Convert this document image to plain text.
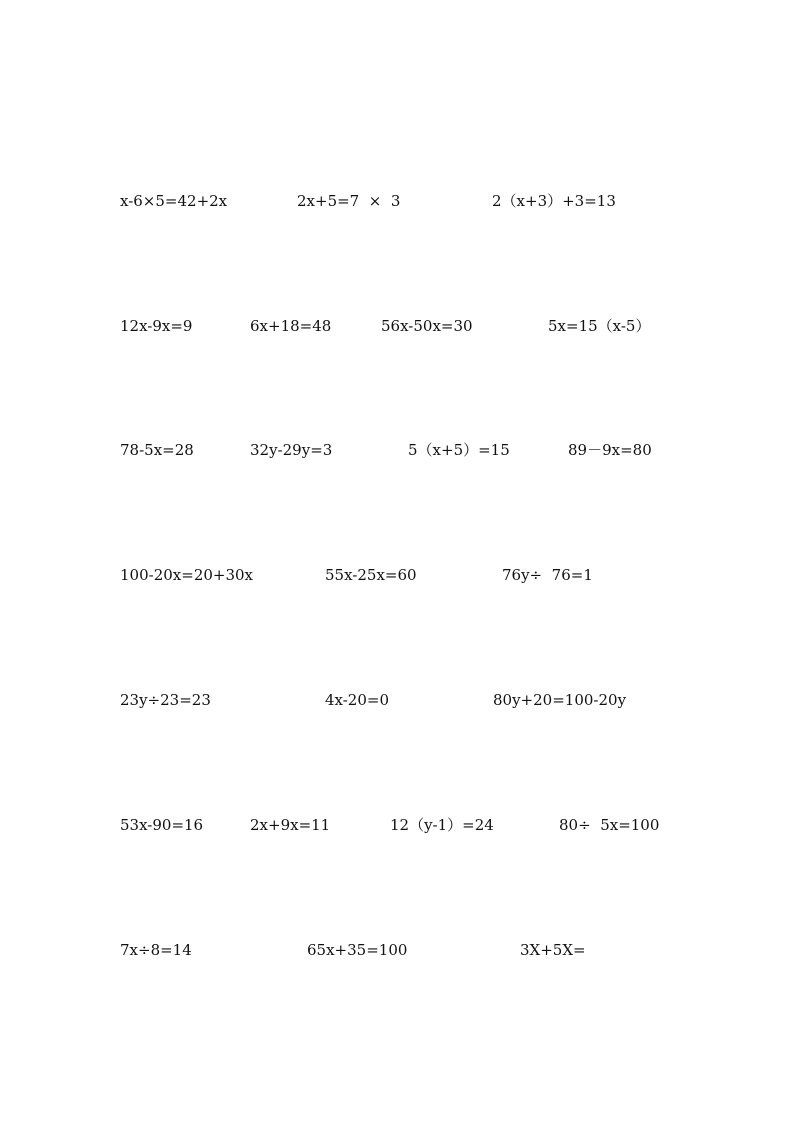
x-6×5=42+2x	2x+5=7  ×  3	2（x+3）+3=13
12x-9x=9	6x+18=48	56x-50x=30	5x=15（x-5）
78-5x=28	32y-29y=3	5（x+5）=15	89－9x=80
100-20x=20+30x	55x-25x=60	76y÷  76=1
23y÷23=23	4x-20=0	80y+20=100-20y
53x-90=16	2x+9x=11	12（y-1）=24	80÷  5x=100
7x÷8=14	65x+35=100	3X+5X=
